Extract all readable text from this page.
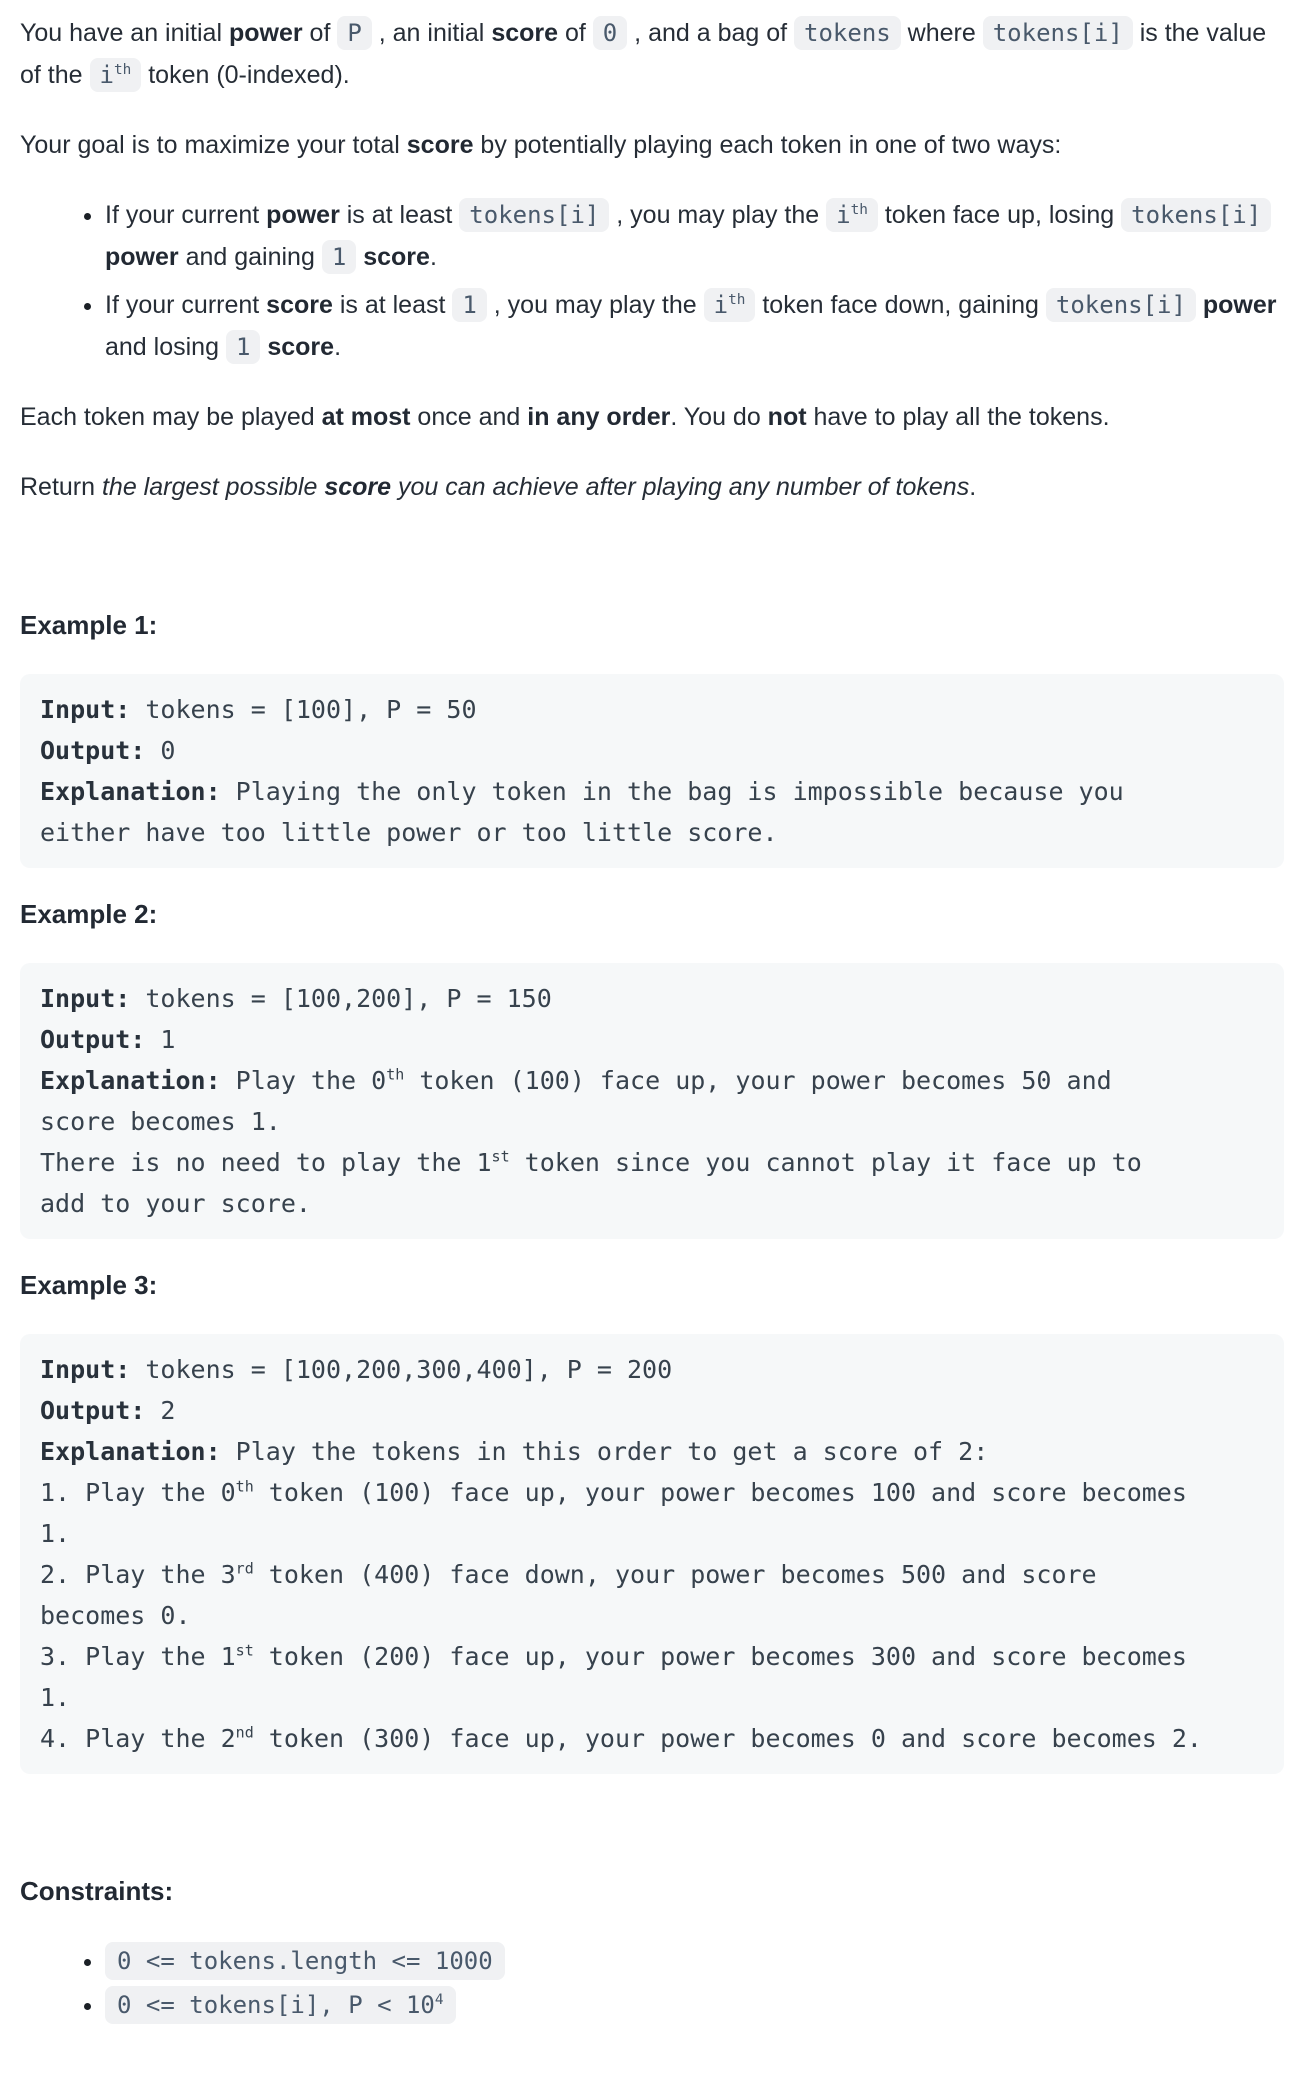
You have an initial power of P , an initial score of 0 , and a bag of tokens where tokens[i] is the value of the $i^{th}$ token (0-indexed).

Your goal is to maximize your total score by potentially playing each token in one of two ways:

• If your current power is at least tokens[i] , you may play the $i^{th}$ token face up, losing tokens[i] power and gaining 1 score.
• If your current score is at least 1 , you may play the $i^{th}$ token face down, gaining tokens[i] power and losing 1 score.

Each token may be played at most once and in any order. You do not have to play all the tokens.

Return the largest possible score you can achieve after playing any number of tokens.

Example 1:
Input: tokens = [100], P = 50
Output: 0
Explanation: Playing the only token in the bag is impossible because you
either have too little power or too little score.
Example 2:
Input: tokens = [100,200], P = 150
Output: 1
Explanation: Play the 0th token (100) face up, your power becomes 50 and
score becomes 1.
There is no need to play the 1st token since you cannot play it face up to
add to your score.
Example 3:
Input: tokens = [100,200,300,400], P = 200
Output: 2
Explanation: Play the tokens in this order to get a score of 2:
1. Play the 0th token (100) face up, your power becomes 100 and score becomes
1.
2. Play the 3rd token (400) face down, your power becomes 500 and score
becomes 0.
3. Play the 1st token (200) face up, your power becomes 300 and score becomes
1.
4. Play the 2nd token (300) face up, your power becomes 0 and score becomes 2.
Constraints:
• 0 <= tokens.length <= 1000
• 0 <= tokens[i], $P < 10^4$
